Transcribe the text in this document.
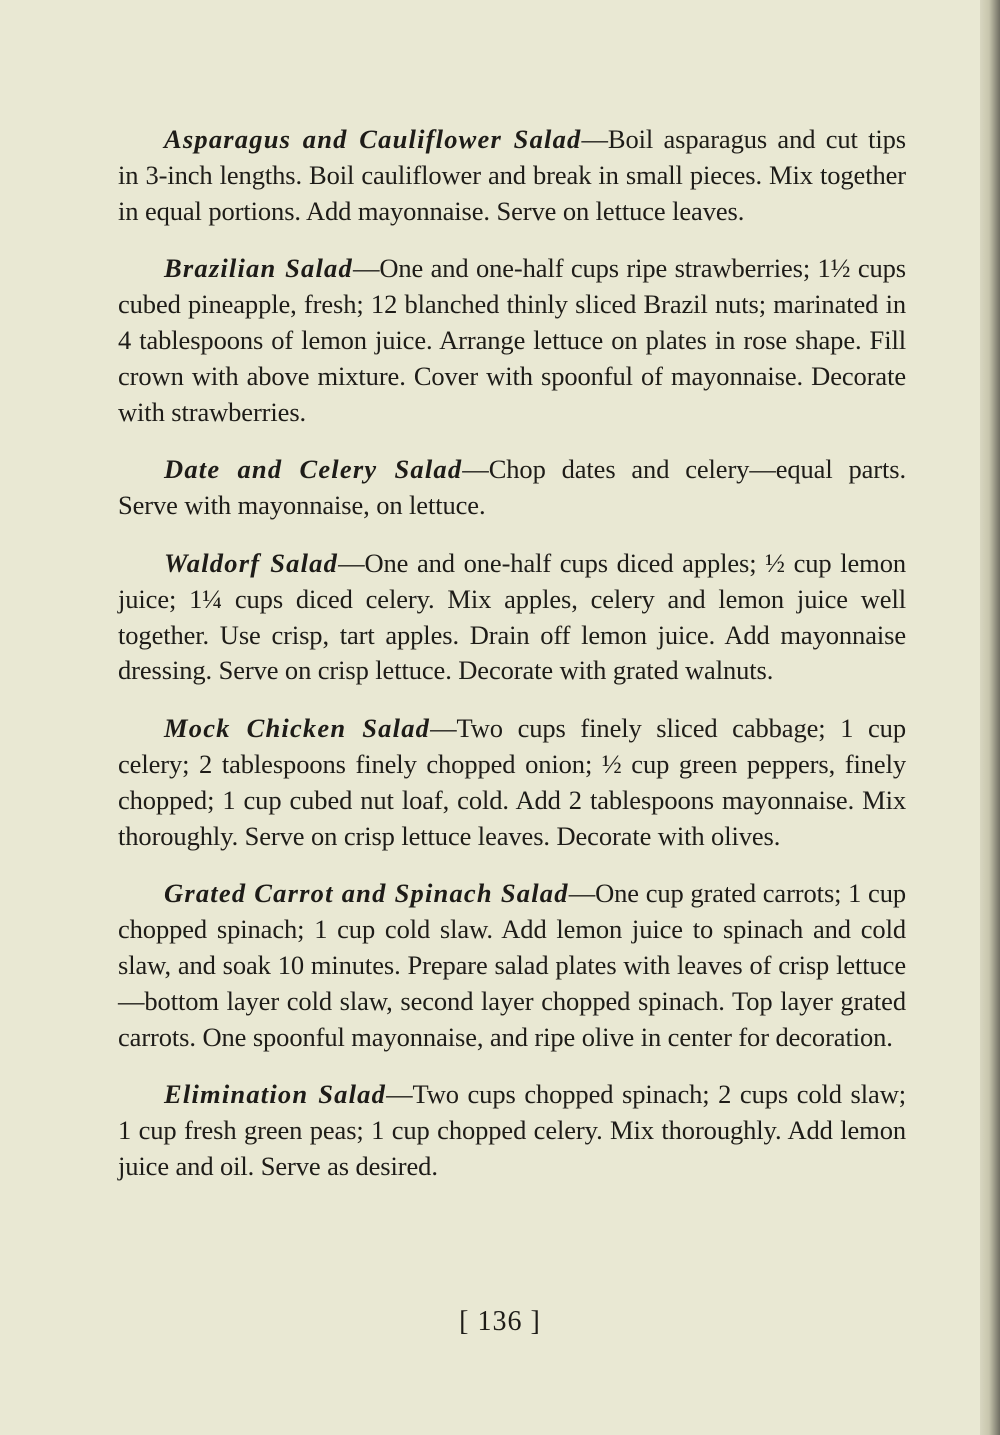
Asparagus and Cauliflower Salad—Boil asparagus and cut tips in 3-inch lengths. Boil cauliflower and break in small pieces. Mix together in equal portions. Add mayonnaise. Serve on lettuce leaves.

Brazilian Salad—One and one-half cups ripe strawberries; 1½ cups cubed pineapple, fresh; 12 blanched thinly sliced Brazil nuts; marinated in 4 tablespoons of lemon juice. Arrange lettuce on plates in rose shape. Fill crown with above mixture. Cover with spoonful of mayonnaise. Decorate with strawberries.

Date and Celery Salad—Chop dates and celery—equal parts. Serve with mayonnaise, on lettuce.

Waldorf Salad—One and one-half cups diced apples; ½ cup lemon juice; 1¼ cups diced celery. Mix apples, celery and lemon juice well together. Use crisp, tart apples. Drain off lemon juice. Add mayonnaise dressing. Serve on crisp lettuce. Decorate with grated walnuts.

Mock Chicken Salad—Two cups finely sliced cabbage; 1 cup celery; 2 tablespoons finely chopped onion; ½ cup green peppers, finely chopped; 1 cup cubed nut loaf, cold. Add 2 tablespoons mayonnaise. Mix thoroughly. Serve on crisp lettuce leaves. Decorate with olives.

Grated Carrot and Spinach Salad—One cup grated carrots; 1 cup chopped spinach; 1 cup cold slaw. Add lemon juice to spinach and cold slaw, and soak 10 minutes. Prepare salad plates with leaves of crisp lettuce—bottom layer cold slaw, second layer chopped spinach. Top layer grated carrots. One spoonful mayonnaise, and ripe olive in center for decoration.

Elimination Salad—Two cups chopped spinach; 2 cups cold slaw; 1 cup fresh green peas; 1 cup chopped celery. Mix thoroughly. Add lemon juice and oil. Serve as desired.

[ 136 ]
